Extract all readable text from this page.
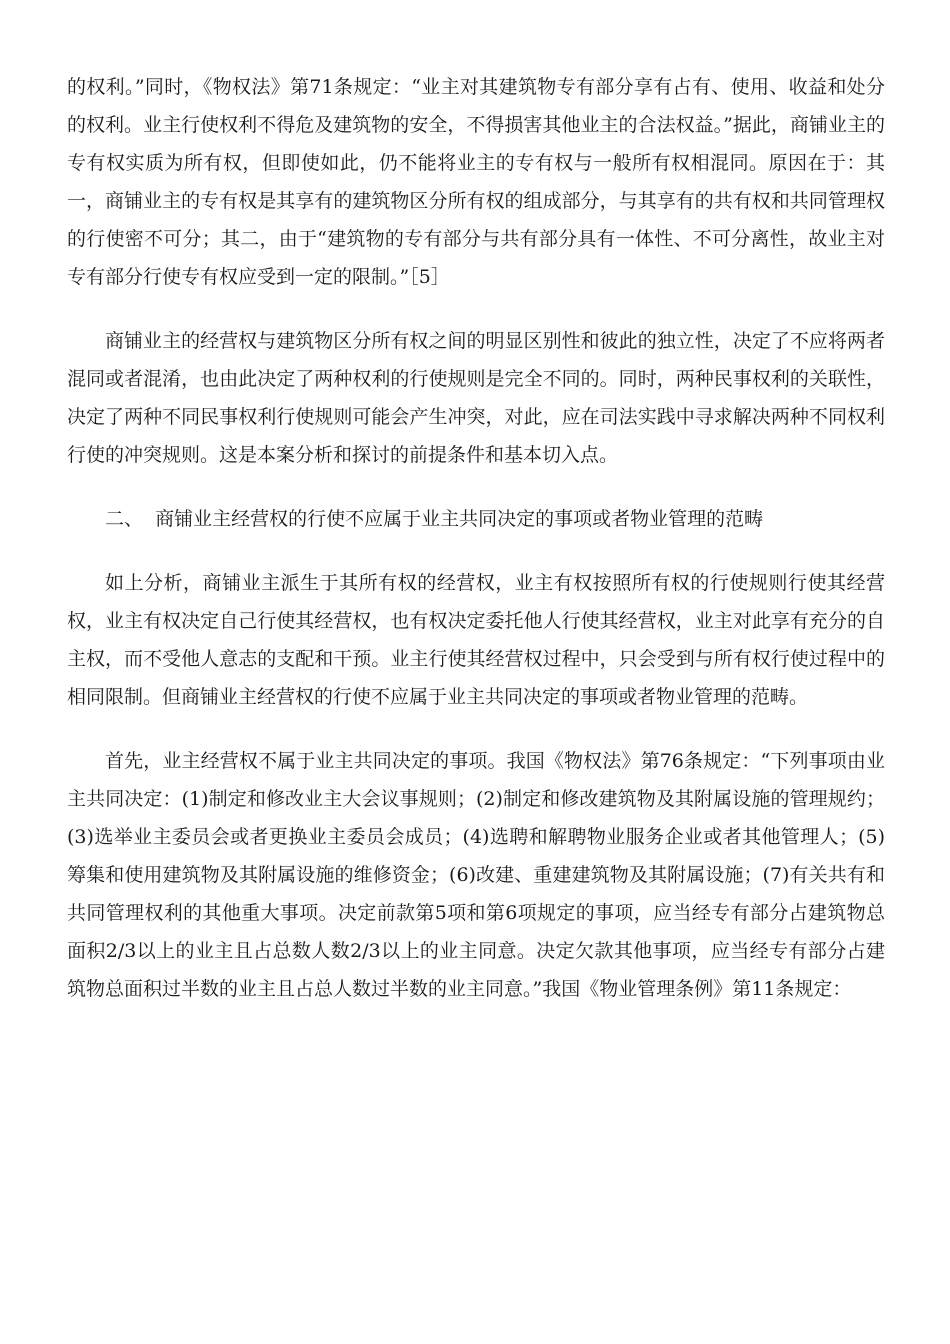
的权利。”同时，《物权法》第71条规定：“业主对其建筑物专有部分享有占有、使用、收益和处分的权利。业主行使权利不得危及建筑物的安全，不得损害其他业主的合法权益。”据此，商铺业主的专有权实质为所有权，但即使如此，仍不能将业主的专有权与一般所有权相混同。原因在于：其一，商铺业主的专有权是其享有的建筑物区分所有权的组成部分，与其享有的共有权和共同管理权的行使密不可分；其二，由于“建筑物的专有部分与共有部分具有一体性、不可分离性，故业主对专有部分行使专有权应受到一定的限制。”［5］

商铺业主的经营权与建筑物区分所有权之间的明显区别性和彼此的独立性，决定了不应将两者混同或者混淆，也由此决定了两种权利的行使规则是完全不同的。同时，两种民事权利的关联性，决定了两种不同民事权利行使规则可能会产生冲突，对此，应在司法实践中寻求解决两种不同权利行使的冲突规则。这是本案分析和探讨的前提条件和基本切入点。

二、  商铺业主经营权的行使不应属于业主共同决定的事项或者物业管理的范畴

如上分析，商铺业主派生于其所有权的经营权，业主有权按照所有权的行使规则行使其经营权，业主有权决定自己行使其经营权，也有权决定委托他人行使其经营权，业主对此享有充分的自主权，而不受他人意志的支配和干预。业主行使其经营权过程中，只会受到与所有权行使过程中的相同限制。但商铺业主经营权的行使不应属于业主共同决定的事项或者物业管理的范畴。

首先，业主经营权不属于业主共同决定的事项。我国《物权法》第76条规定：“下列事项由业主共同决定：(1)制定和修改业主大会议事规则；(2)制定和修改建筑物及其附属设施的管理规约；(3)选举业主委员会或者更换业主委员会成员；(4)选聘和解聘物业服务企业或者其他管理人；(5)筹集和使用建筑物及其附属设施的维修资金；(6)改建、重建建筑物及其附属设施；(7)有关共有和共同管理权利的其他重大事项。决定前款第5项和第6项规定的事项，应当经专有部分占建筑物总面积2/3以上的业主且占总数人数2/3以上的业主同意。决定欠款其他事项，应当经专有部分占建筑物总面积过半数的业主且占总人数过半数的业主同意。”我国《物业管理条例》第11条规定：
